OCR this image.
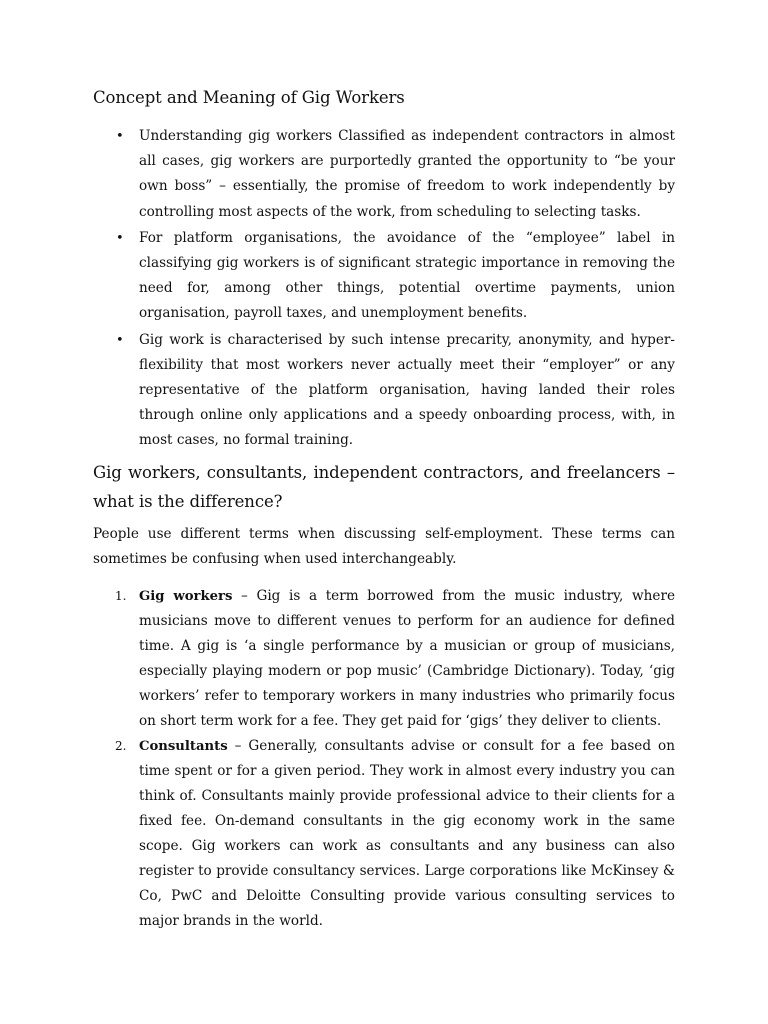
Concept and Meaning of Gig Workers
• Understanding gig workers Classified as independent contractors in almost all cases, gig workers are purportedly granted the opportunity to “be your own boss” – essentially, the promise of freedom to work independently by controlling most aspects of the work, from scheduling to selecting tasks.
• For platform organisations, the avoidance of the “employee” label in classifying gig workers is of significant strategic importance in removing the need for, among other things, potential overtime payments, union organisation, payroll taxes, and unemployment benefits.
• Gig work is characterised by such intense precarity, anonymity, and hyper-flexibility that most workers never actually meet their “employer” or any representative of the platform organisation, having landed their roles through online only applications and a speedy onboarding process, with, in most cases, no formal training.
Gig workers, consultants, independent contractors, and freelancers – what is the difference?

People use different terms when discussing self-employment. These terms can sometimes be confusing when used interchangeably.

1. Gig workers – Gig is a term borrowed from the music industry, where musicians move to different venues to perform for an audience for defined time. A gig is ‘a single performance by a musician or group of musicians, especially playing modern or pop music’ (Cambridge Dictionary). Today, ‘gig workers’ refer to temporary workers in many industries who primarily focus on short term work for a fee. They get paid for ‘gigs’ they deliver to clients.
2. Consultants – Generally, consultants advise or consult for a fee based on time spent or for a given period. They work in almost every industry you can think of. Consultants mainly provide professional advice to their clients for a fixed fee. On-demand consultants in the gig economy work in the same scope. Gig workers can work as consultants and any business can also register to provide consultancy services. Large corporations like McKinsey & Co, PwC and Deloitte Consulting provide various consulting services to major brands in the world.
